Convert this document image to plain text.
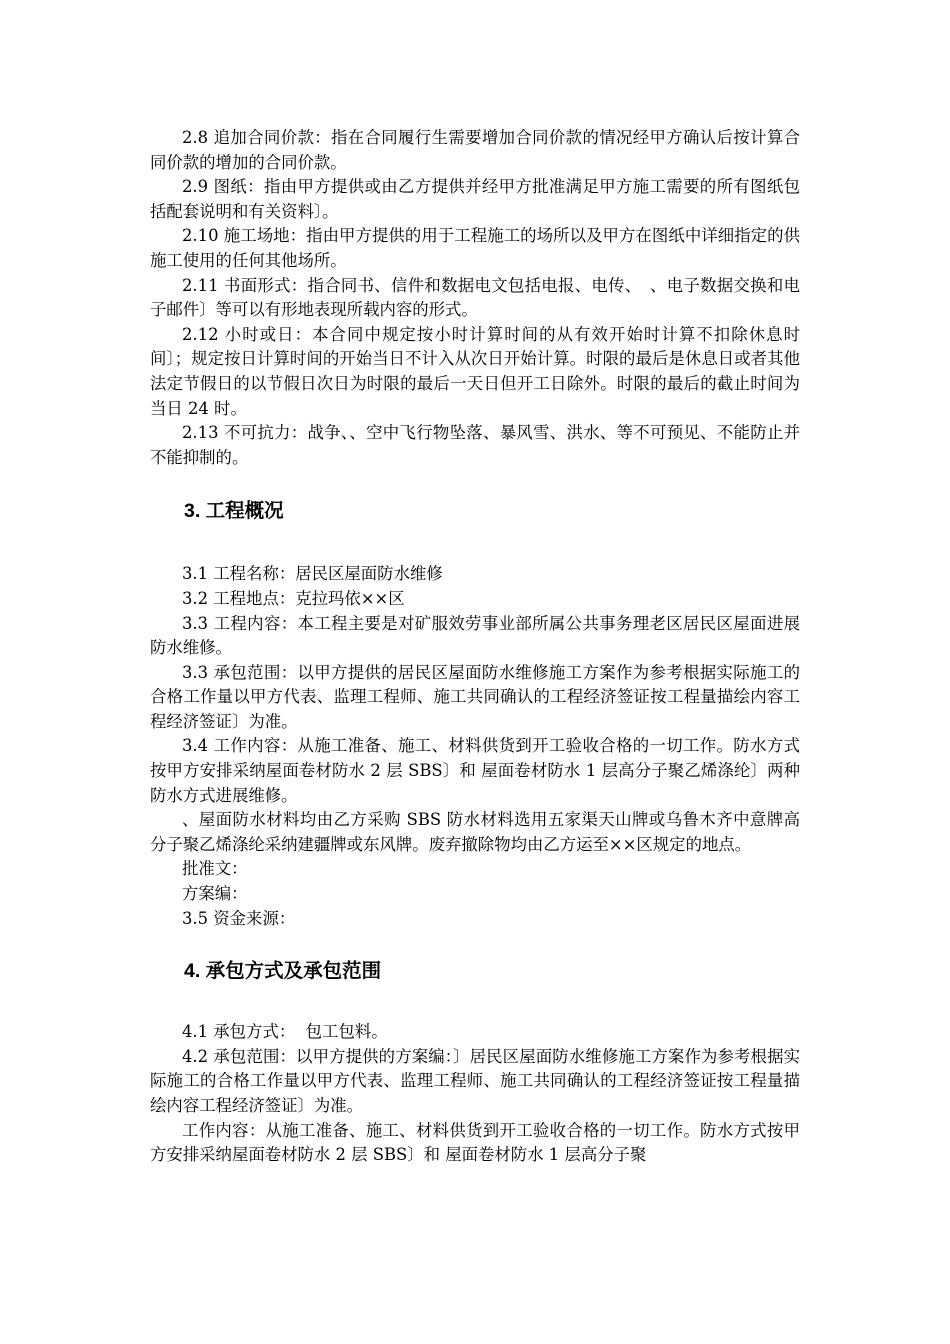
2.8 追加合同价款：指在合同履行生需要增加合同价款的情况经甲方确认后按计算合同价款的增加的合同价款。

2.9 图纸：指由甲方提供或由乙方提供并经甲方批准满足甲方施工需要的所有图纸包括配套说明和有关资料〕。

2.10 施工场地：指由甲方提供的用于工程施工的场所以及甲方在图纸中详细指定的供施工使用的任何其他场所。

2.11 书面形式：指合同书、信件和数据电文包括电报、电传、　、电子数据交换和电子邮件〕等可以有形地表现所载内容的形式。

2.12 小时或日：本合同中规定按小时计算时间的从有效开始时计算不扣除休息时间〕；规定按日计算时间的开始当日不计入从次日开始计算。时限的最后是休息日或者其他法定节假日的以节假日次日为时限的最后一天日但开工日除外。时限的最后的截止时间为当日 24 时。

2.13 不可抗力：战争、、空中飞行物坠落、暴风雪、洪水、等不可预见、不能防止并不能抑制的。

3. 工程概况

3.1 工程名称：居民区屋面防水维修

3.2 工程地点：克拉玛依××区

3.3 工程内容：本工程主要是对矿服效劳事业部所属公共事务理老区居民区屋面进展防水维修。

3.3 承包范围：以甲方提供的居民区屋面防水维修施工方案作为参考根据实际施工的合格工作量以甲方代表、监理工程师、施工共同确认的工程经济签证按工程量描绘内容工程经济签证〕为准。

3.4 工作内容：从施工准备、施工、材料供货到开工验收合格的一切工作。防水方式按甲方安排采纳屋面卷材防水 2 层 SBS〕和 屋面卷材防水 1 层高分子聚乙烯涤纶〕两种防水方式进展维修。

、屋面防水材料均由乙方采购 SBS 防水材料选用五家渠天山牌或乌鲁木齐中意牌高分子聚乙烯涤纶采纳建疆牌或东风牌。废弃撤除物均由乙方运至××区规定的地点。

批准文：

方案编：

3.5 资金来源：

4. 承包方式及承包范围

4.1 承包方式：  包工包料。

4.2 承包范围：以甲方提供的方案编：〕居民区屋面防水维修施工方案作为参考根据实际施工的合格工作量以甲方代表、监理工程师、施工共同确认的工程经济签证按工程量描绘内容工程经济签证〕为准。

工作内容：从施工准备、施工、材料供货到开工验收合格的一切工作。防水方式按甲方安排采纳屋面卷材防水 2 层 SBS〕和 屋面卷材防水 1 层高分子聚
